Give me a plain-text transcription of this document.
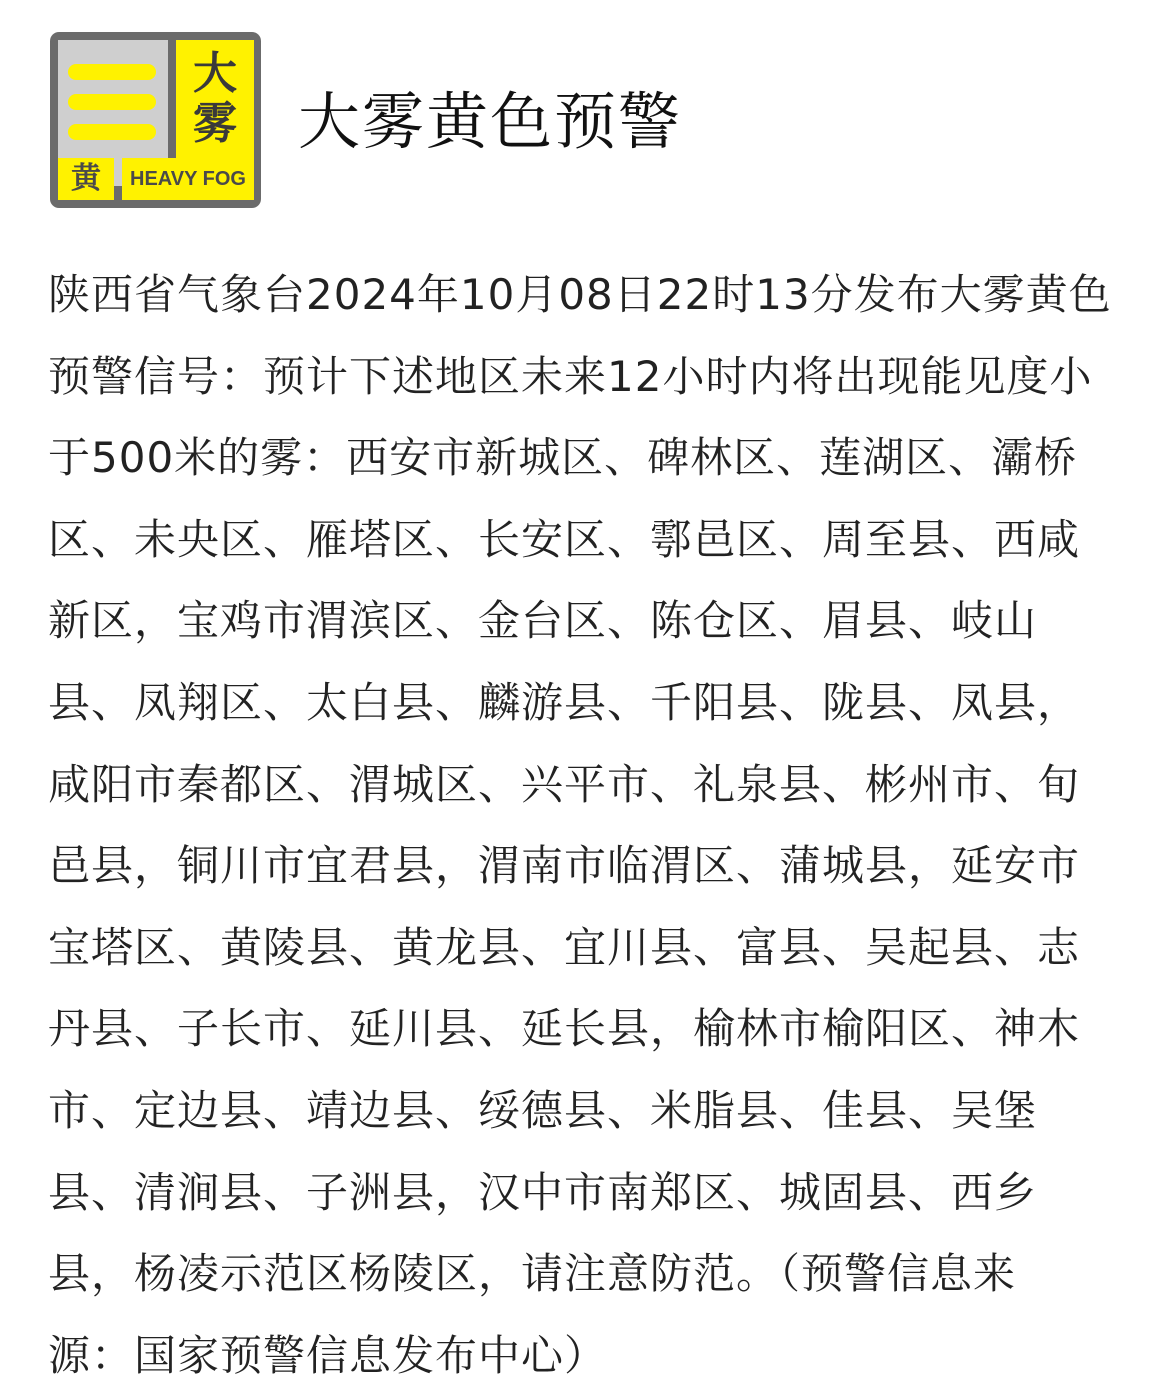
大
雾
黄	HEAVY FOG
大雾黄色预警
陕西省气象台2024年10月08日22时13分发布大雾黄色
预警信号：预计下述地区未来12小时内将出现能见度小
于500米的雾：西安市新城区、碑林区、莲湖区、灞桥
区、未央区、雁塔区、长安区、鄠邑区、周至县、西咸
新区，宝鸡市渭滨区、金台区、陈仓区、眉县、岐山
县、凤翔区、太白县、麟游县、千阳县、陇县、凤县，
咸阳市秦都区、渭城区、兴平市、礼泉县、彬州市、旬
邑县，铜川市宜君县，渭南市临渭区、蒲城县，延安市
宝塔区、黄陵县、黄龙县、宜川县、富县、吴起县、志
丹县、子长市、延川县、延长县，榆林市榆阳区、神木
市、定边县、靖边县、绥德县、米脂县、佳县、吴堡
县、清涧县、子洲县，汉中市南郑区、城固县、西乡
县，杨凌示范区杨陵区，请注意防范。（预警信息来
源：国家预警信息发布中心）
